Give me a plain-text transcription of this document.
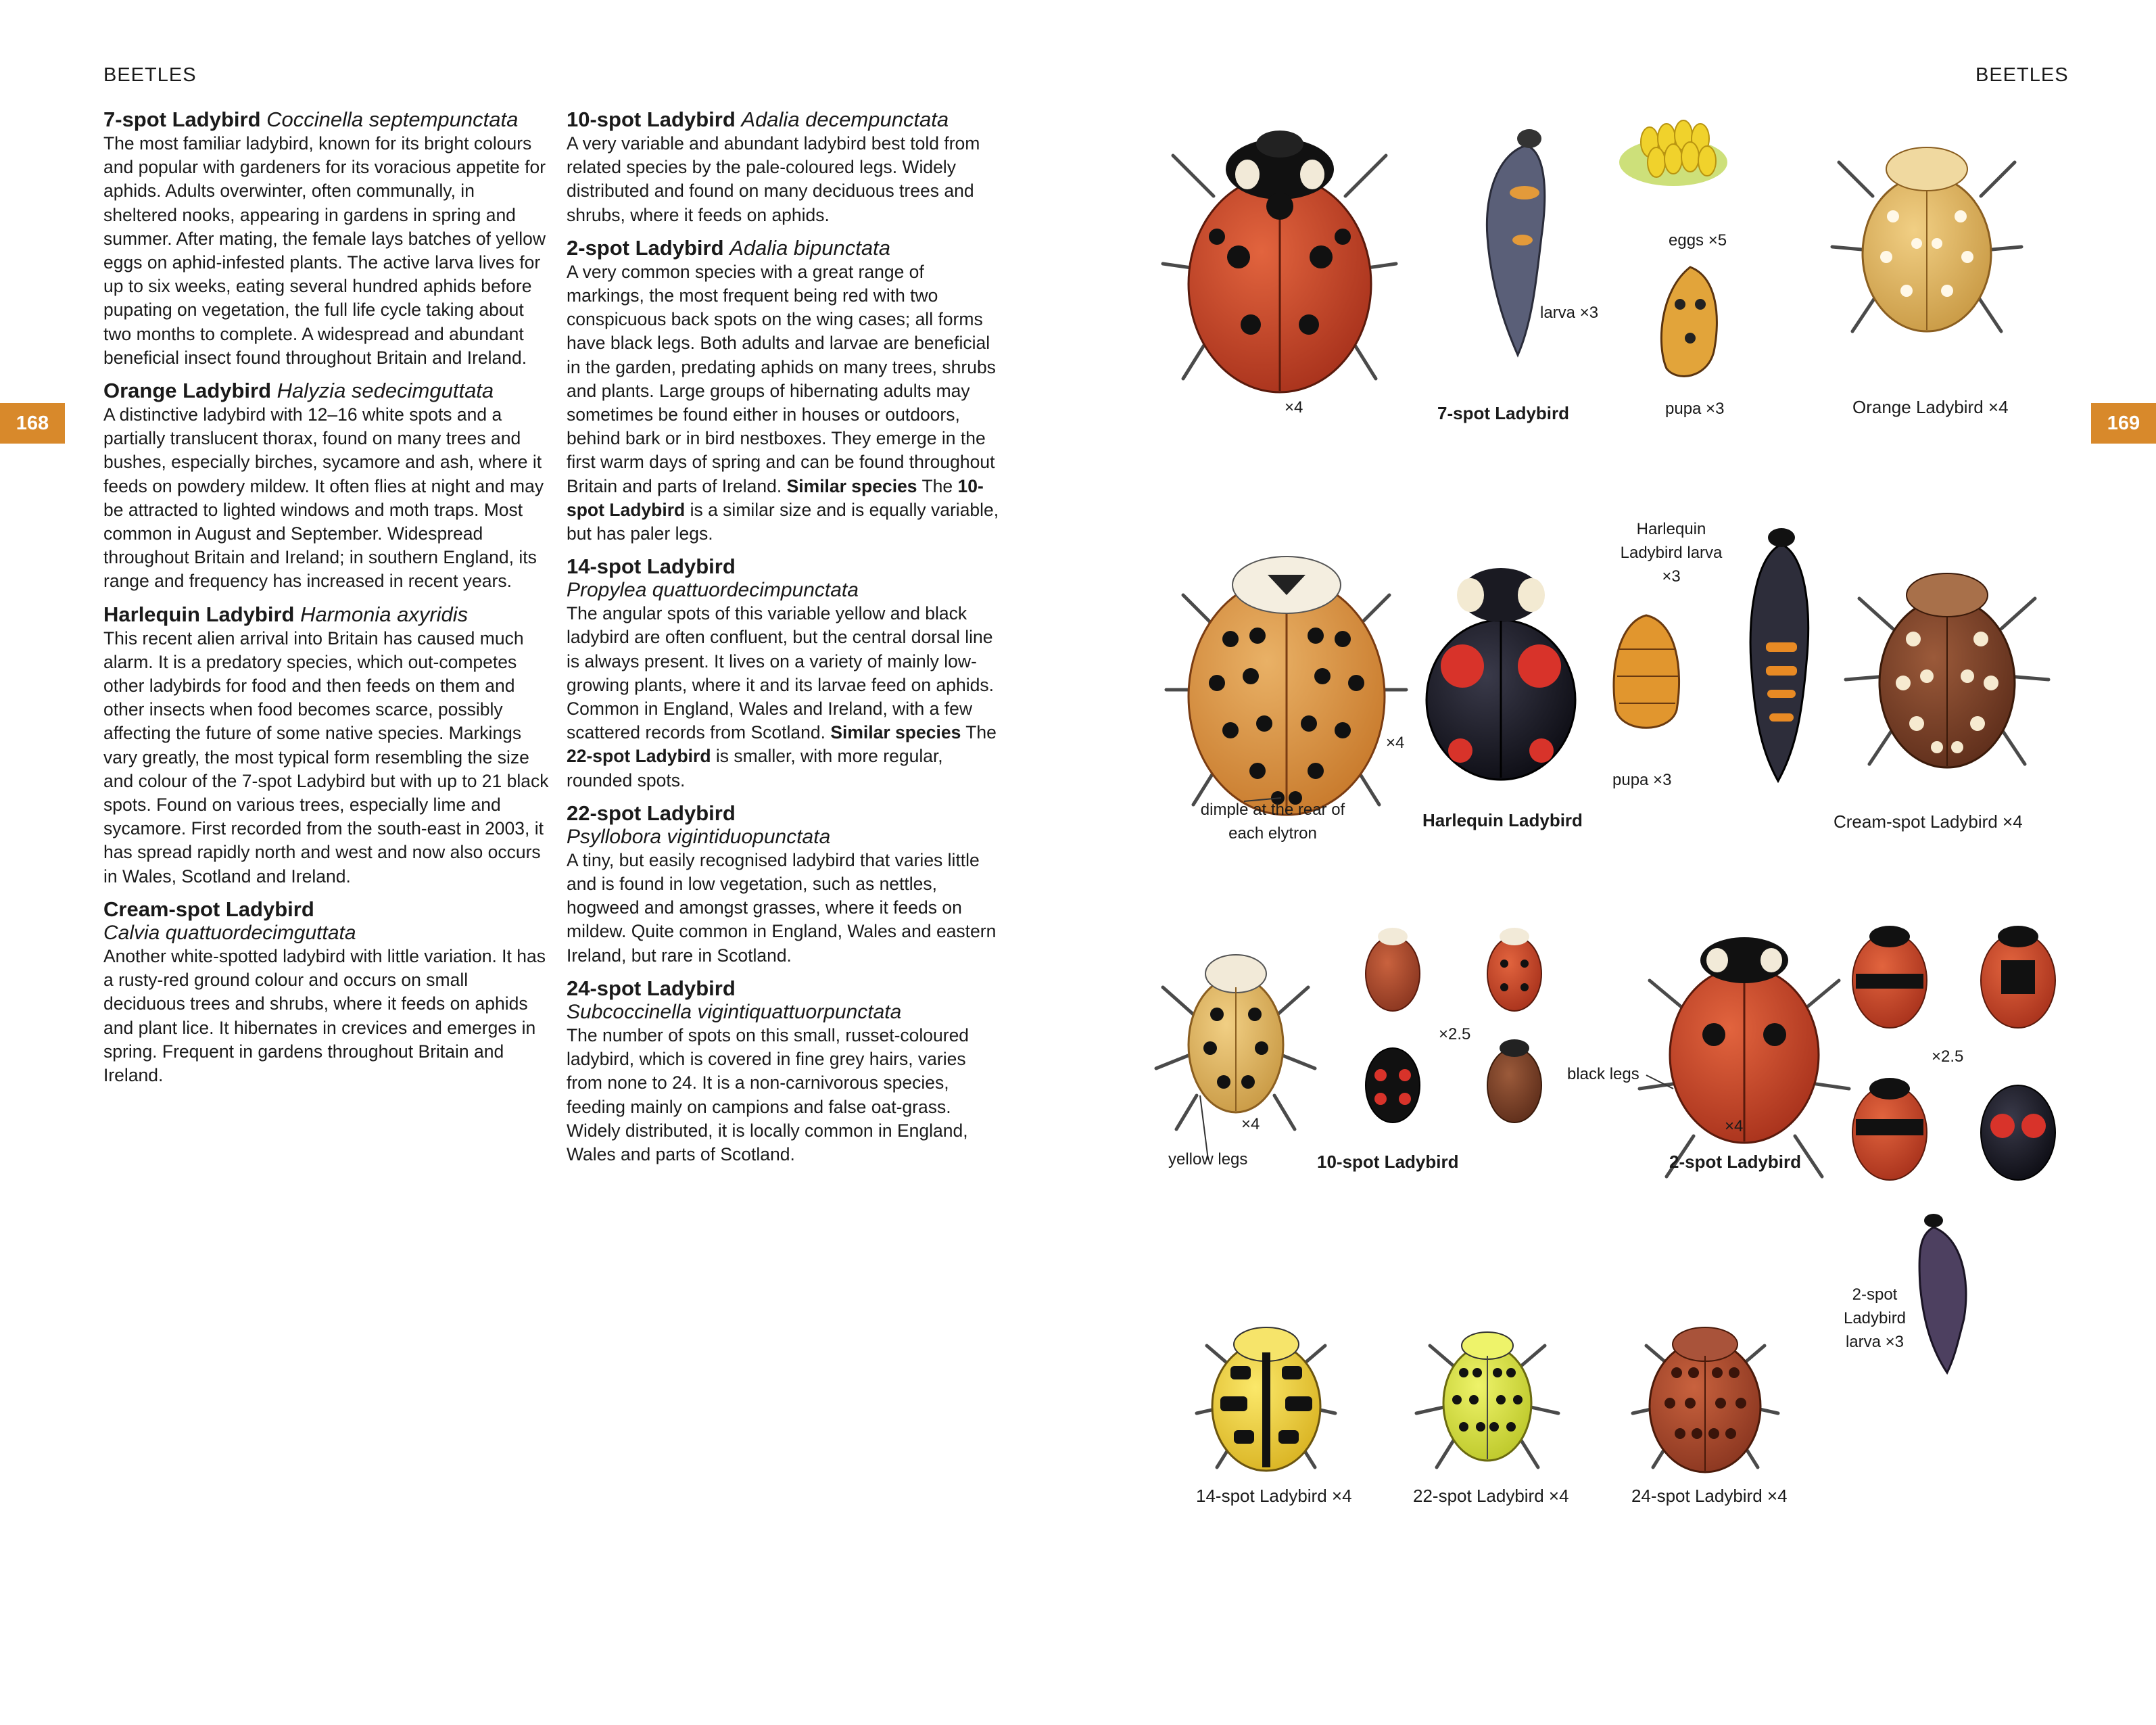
BEETLES	BEETLES
168	169
7-spot Ladybird Coccinella septempunctata

The most familiar ladybird, known for its bright colours and popular with gardeners for its voracious appetite for aphids. Adults overwinter, often communally, in sheltered nooks, appearing in gardens in spring and summer. After mating, the female lays batches of yellow eggs on aphid-infested plants. The active larva lives for up to six weeks, eating several hundred aphids before pupating on vegetation, the full life cycle taking about two months to complete. A widespread and abundant beneficial insect found throughout Britain and Ireland.

Orange Ladybird Halyzia sedecimguttata

A distinctive ladybird with 12–16 white spots and a partially translucent thorax, found on many trees and bushes, especially birches, sycamore and ash, where it feeds on powdery mildew. It often flies at night and may be attracted to lighted windows and moth traps. Most common in August and September. Widespread throughout Britain and Ireland; in southern England, its range and frequency has increased in recent years.

Harlequin Ladybird Harmonia axyridis

This recent alien arrival into Britain has caused much alarm. It is a predatory species, which out-competes other ladybirds for food and then feeds on them and other insects when food becomes scarce, possibly affecting the future of some native species. Markings vary greatly, the most typical form resembling the size and colour of the 7-spot Ladybird but with up to 21 black spots. Found on various trees, especially lime and sycamore. First recorded from the south-east in 2003, it has spread rapidly north and west and now also occurs in Wales, Scotland and Ireland.

Cream-spot Ladybird
Calvia quattuordecimguttata

Another white-spotted ladybird with little variation. It has a rusty-red ground colour and occurs on small deciduous trees and shrubs, where it feeds on aphids and plant lice. It hibernates in crevices and emerges in spring. Frequent in gardens throughout Britain and Ireland.

10-spot Ladybird Adalia decempunctata

A very variable and abundant ladybird best told from related species by the pale-coloured legs. Widely distributed and found on many deciduous trees and shrubs, where it feeds on aphids.

2-spot Ladybird Adalia bipunctata

A very common species with a great range of markings, the most frequent being red with two conspicuous back spots on the wing cases; all forms have black legs. Both adults and larvae are beneficial in the garden, predating aphids on many trees, shrubs and plants. Large groups of hibernating adults may sometimes be found either in houses or outdoors, behind bark or in bird nestboxes. They emerge in the first warm days of spring and can be found throughout Britain and parts of Ireland. Similar species The 10-spot Ladybird is a similar size and is equally variable, but has paler legs.

14-spot Ladybird
Propylea quattuordecimpunctata

The angular spots of this variable yellow and black ladybird are often confluent, but the central dorsal line is always present. It lives on a variety of mainly low-growing plants, where it and its larvae feed on aphids. Common in England, Wales and Ireland, with a few scattered records from Scotland. Similar species The 22-spot Ladybird is smaller, with more regular, rounded spots.

22-spot Ladybird
Psyllobora vigintiduopunctata

A tiny, but easily recognised ladybird that varies little and is found in low vegetation, such as nettles, hogweed and amongst grasses, where it feeds on mildew. Quite common in England, Wales and eastern Ireland, but rare in Scotland.

24-spot Ladybird
Subcoccinella vigintiquattuorpunctata

The number of spots on this small, russet-coloured ladybird, which is covered in fine grey hairs, varies from none to 24. It is a non-carnivorous species, feeding mainly on campions and false oat-grass. Widely distributed, it is locally common in England, Wales and parts of Scotland.

×4	7-spot Ladybird
larva ×3
eggs ×5
pupa ×3	Orange Ladybird ×4
Harlequin
Ladybird larva
×3
×4
dimple at the rear of
each elytron
Harlequin Ladybird
pupa ×3
Cream-spot Ladybird ×4
×4
yellow legs
×2.5
10-spot Ladybird
black legs
×4
2-spot Ladybird
×2.5
2-spot
Ladybird
larva ×3
14-spot Ladybird ×4	22-spot Ladybird ×4	24-spot Ladybird ×4
